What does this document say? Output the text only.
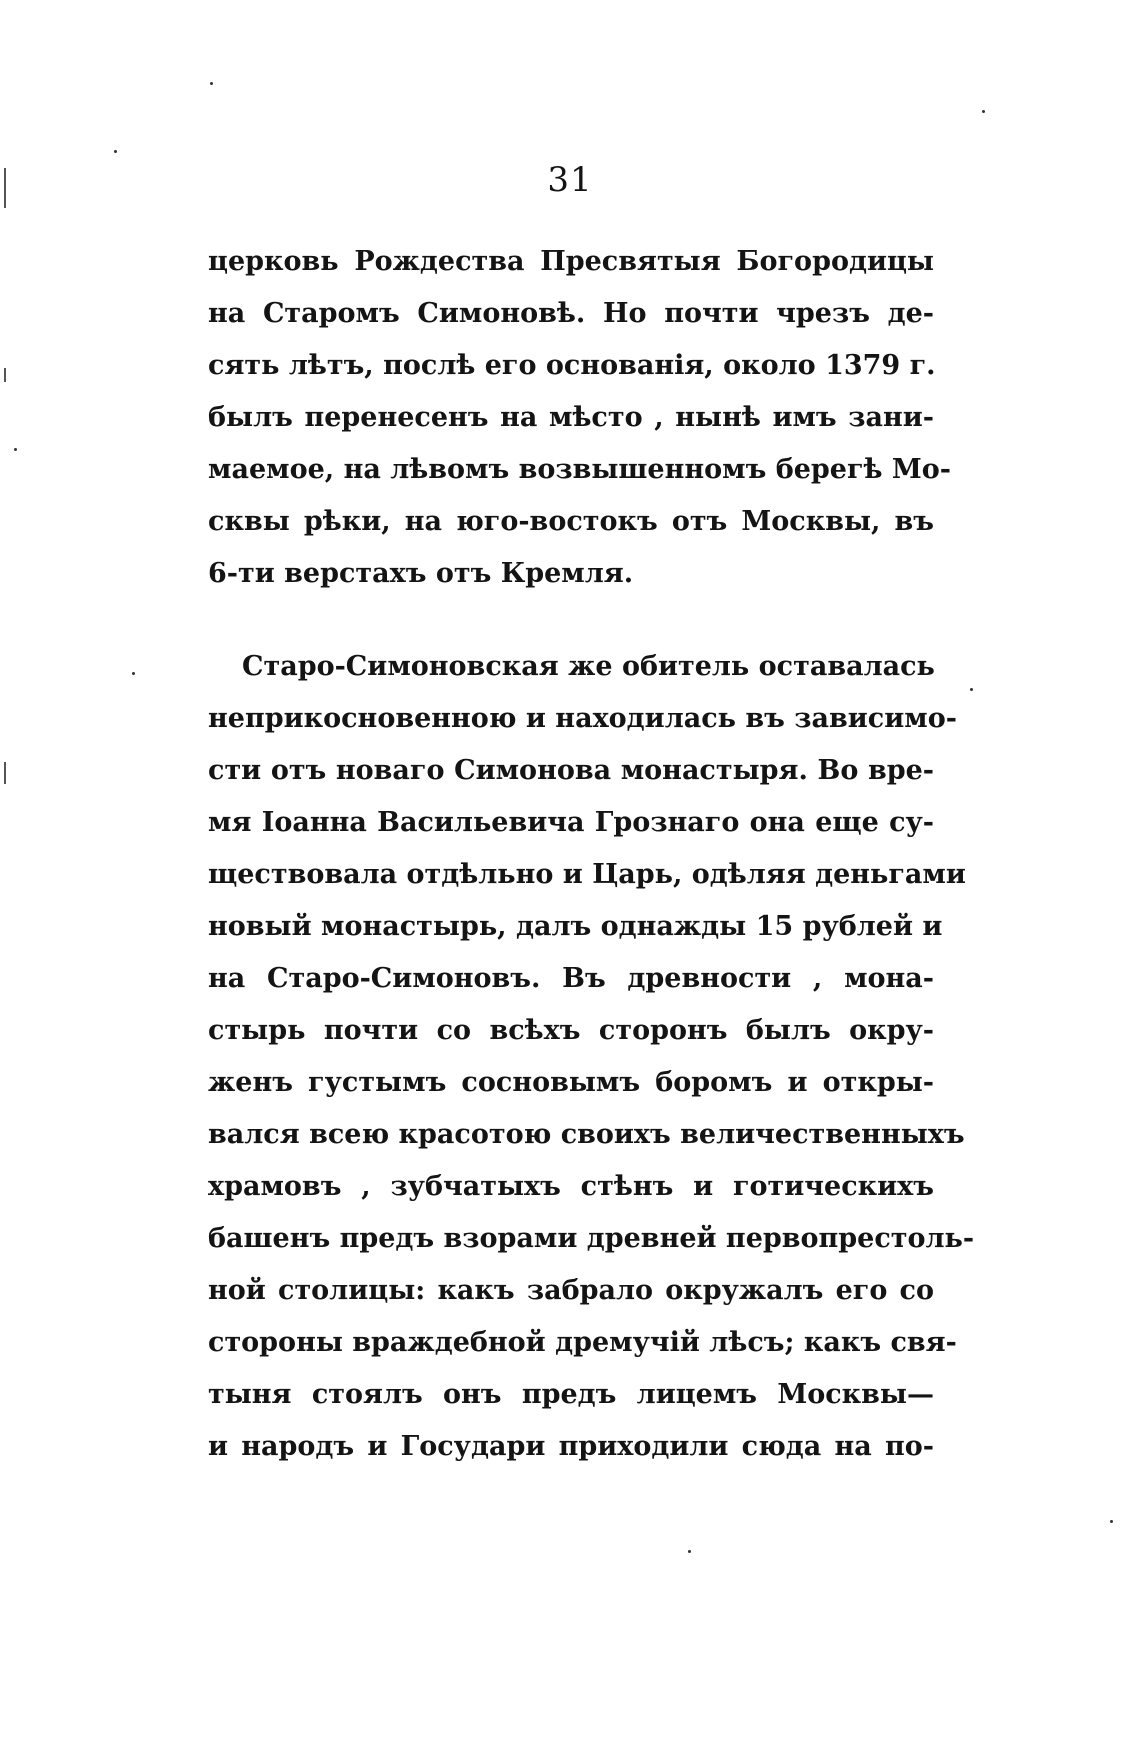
31
церковь Рождества Пресвятыя Богородицы
на Старомъ Симоновѣ. Но почти чрезъ де-
сять лѣтъ, послѣ его основанія, около 1379 г.
былъ перенесенъ на мѣсто , нынѣ имъ зани-
маемое, на лѣвомъ возвышенномъ берегѣ Мо-
сквы рѣки, на юго-востокъ отъ Москвы, въ
6-ти верстахъ отъ Кремля.
Старо-Симоновская же обитель оставалась
неприкосновенною и находилась въ зависимо-
сти отъ новаго Симонова монастыря. Во вре-
мя Іоанна Васильевича Грознаго она еще су-
ществовала отдѣльно и Царь, одѣляя деньгами
новый монастырь, далъ однажды 15 рублей и
на Старо-Симоновъ. Въ древности , мона-
стырь почти со всѣхъ сторонъ былъ окру-
женъ густымъ сосновымъ боромъ и откры-
вался всею красотою своихъ величественныхъ
храмовъ , зубчатыхъ стѣнъ и готическихъ
башенъ предъ взорами древней первопрестоль-
ной столицы: какъ забрало окружалъ его со
стороны враждебной дремучій лѣсъ; какъ свя-
тыня стоялъ онъ предъ лицемъ Москвы—
и народъ и Государи приходили сюда на по-
